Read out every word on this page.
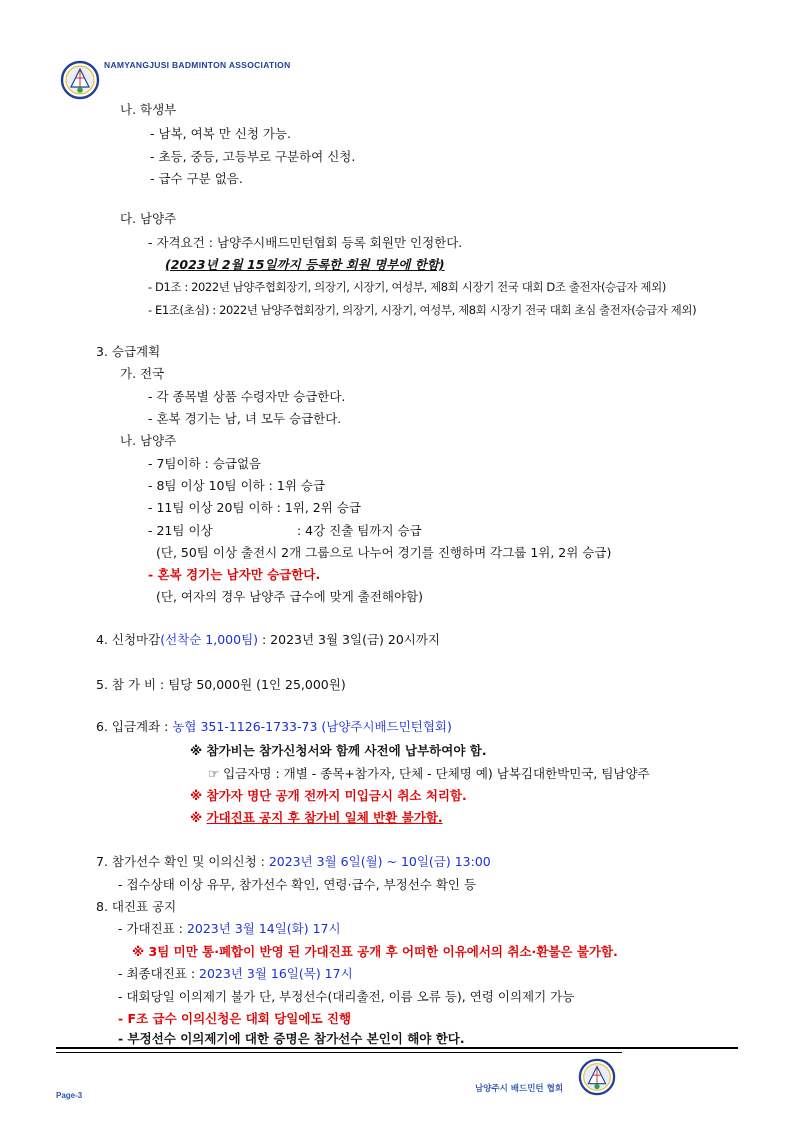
NAMYANGJUSI BADMINTON ASSOCIATION
나. 학생부
- 남복, 여복 만 신청 가능.
- 초등, 중등, 고등부로 구분하여 신청.
- 급수 구분 없음.
다. 남양주
- 자격요건 : 남양주시배드민턴협회 등록 회원만 인정한다.
(2023년 2월 15일까지 등록한 회원 명부에 한함)
- D1조 : 2022년 남양주협회장기, 의장기, 시장기, 여성부, 제8회 시장기 전국 대회 D조 출전자(승급자 제외)
- E1조(초심) : 2022년 남양주협회장기, 의장기, 시장기, 여성부, 제8회 시장기 전국 대회 초심 출전자(승급자 제외)
3. 승급계획
가. 전국
- 각 종목별 상품 수령자만 승급한다.
- 혼복 경기는 남, 녀 모두 승급한다.
나. 남양주
- 7팀이하 : 승급없음
- 8팀 이상 10팀 이하 : 1위 승급
- 11팀 이상 20팀 이하 : 1위, 2위 승급
- 21팀 이상	: 4강 진출 팀까지 승급
(단, 50팀 이상 출전시 2개 그룹으로 나누어 경기를 진행하며 각그룹 1위, 2위 승급)
- 혼복 경기는 남자만 승급한다.
(단, 여자의 경우 남양주 급수에 맞게 출전해야함)
4. 신청마감(선착순 1,000팀) : 2023년 3월 3일(금) 20시까지
5. 참 가 비 : 팀당 50,000원 (1인 25,000원)
6. 입금계좌 : 농협 351-1126-1733-73 (남양주시배드민턴협회)
※ 참가비는 참가신청서와 함께 사전에 납부하여야 함.
☞ 입금자명 : 개별 - 종목+참가자, 단체 - 단체명 예) 남복김대한박민국, 팀남양주
※ 참가자 명단 공개 전까지 미입금시 취소 처리함.
※ 가대진표 공지 후 참가비 일체 반환 불가함.
7. 참가선수 확인 및 이의신청 : 2023년 3월 6일(월) ~ 10일(금) 13:00
- 접수상태 이상 유무, 참가선수 확인, 연령·급수, 부정선수 확인 등
8. 대진표 공지
- 가대진표 : 2023년 3월 14일(화) 17시
※ 3팀 미만 통·폐합이 반영 된 가대진표 공개 후 어떠한 이유에서의 취소·환불은 불가함.
- 최종대진표 : 2023년 3월 16일(목) 17시
- 대회당일 이의제기 불가 단, 부정선수(대리출전, 이름 오류 등), 연령 이의제기 가능
- F조 급수 이의신청은 대회 당일에도 진행
- 부정선수 이의제기에 대한 증명은 참가선수 본인이 해야 한다.
Page-3
남양주시 배드민턴 협회
